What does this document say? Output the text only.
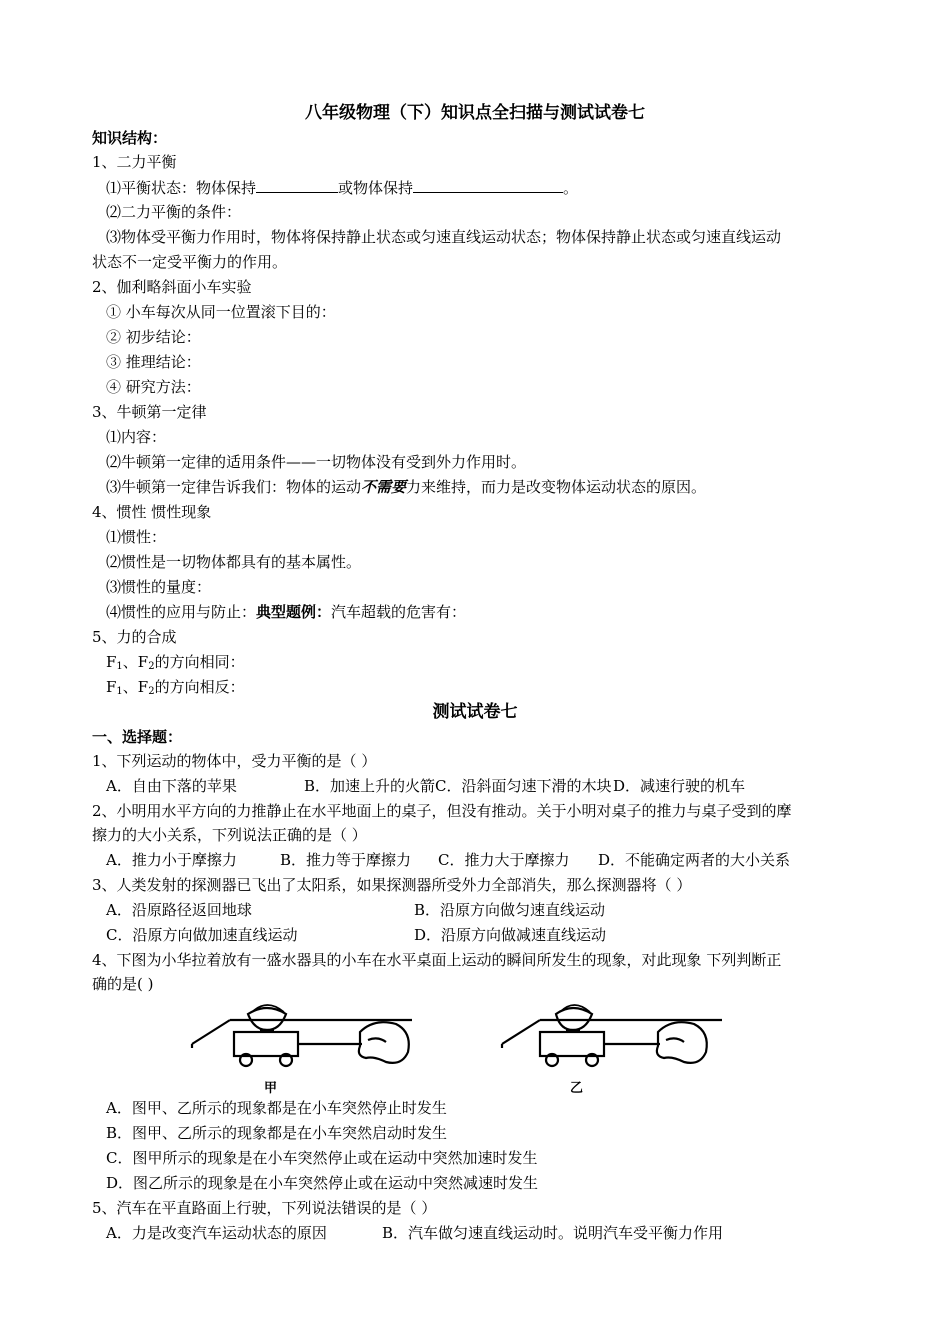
八年级物理（下）知识点全扫描与测试试卷七
知识结构：
1、二力平衡
⑴平衡状态：物体保持	或物体保持	。
⑵二力平衡的条件：
⑶物体受平衡力作用时，物体将保持静止状态或匀速直线运动状态；物体保持静止状态或匀速直线运动
状态不一定受平衡力的作用。
2、伽利略斜面小车实验
① 小车每次从同一位置滚下目的：
② 初步结论：
③ 推理结论：
④ 研究方法：
3、牛顿第一定律
⑴内容：
⑵牛顿第一定律的适用条件——一切物体没有受到外力作用时。
⑶牛顿第一定律告诉我们：物体的运动不需要力来维持，而力是改变物体运动状态的原因。
4、惯性 惯性现象
⑴惯性：
⑵惯性是一切物体都具有的基本属性。
⑶惯性的量度：
⑷惯性的应用与防止：典型题例：汽车超载的危害有：
5、力的合成
$F_1$、$F_2$的方向相同：
$F_1$、$F_2$的方向相反：
测试试卷七
一、选择题：
1、下列运动的物体中，受力平衡的是（ ）
A．自由下落的苹果	B．加速上升的火箭C．沿斜面匀速下滑的木块 D．减速行驶的机车
2、小明用水平方向的力推静止在水平地面上的桌子，但没有推动。关于小明对桌子的推力与桌子受到的摩
擦力的大小关系，下列说法正确的是（ ）
A．推力小于摩擦力	B．推力等于摩擦力 C．推力大于摩擦力 D．不能确定两者的大小关系
3、人类发射的探测器已飞出了太阳系，如果探测器所受外力全部消失，那么探测器将（ ）
A．沿原路径返回地球	B．沿原方向做匀速直线运动
C．沿原方向做加速直线运动	D．沿原方向做减速直线运动
4、下图为小华拉着放有一盛水器具的小车在水平桌面上运动的瞬间所发生的现象，对此现象 下列判断正
确的是( )
甲	乙
A．图甲、乙所示的现象都是在小车突然停止时发生
B．图甲、乙所示的现象都是在小车突然启动时发生
C．图甲所示的现象是在小车突然停止或在运动中突然加速时发生
D．图乙所示的现象是在小车突然停止或在运动中突然减速时发生
5、汽车在平直路面上行驶，下列说法错误的是（ ）
A．力是改变汽车运动状态的原因	B．汽车做匀速直线运动时。说明汽车受平衡力作用
